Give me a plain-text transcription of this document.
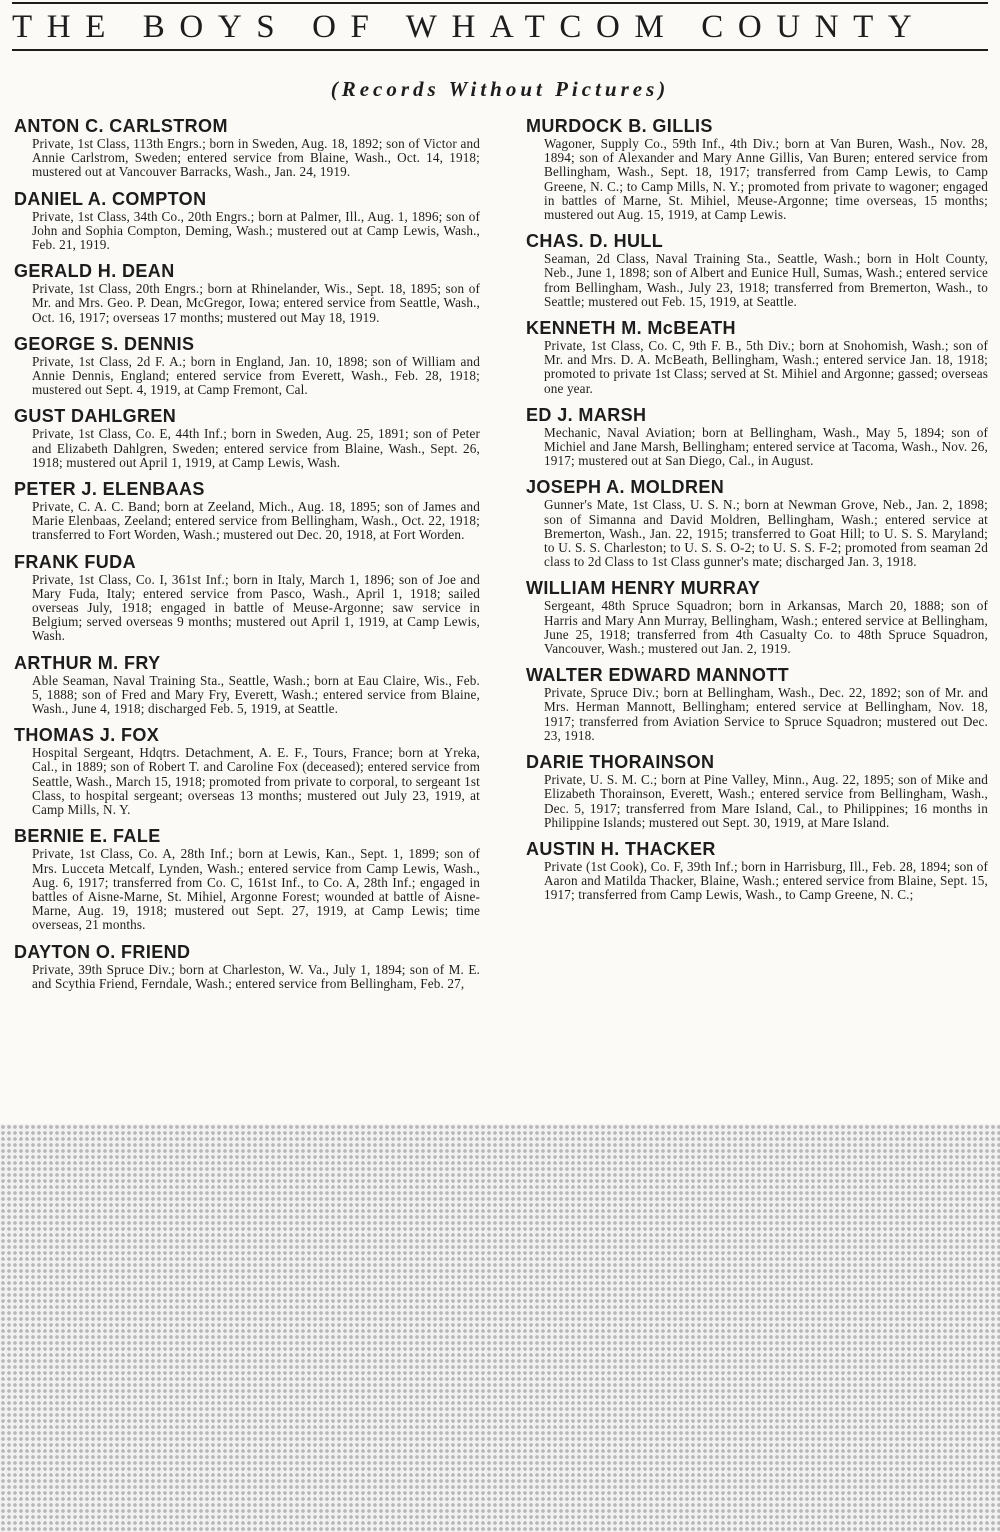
THE BOYS OF WHATCOM COUNTY
(Records Without Pictures)
ANTON C. CARLSTROM

Private, 1st Class, 113th Engrs.; born in Sweden, Aug. 18, 1892; son of Victor and Annie Carlstrom, Sweden; entered service from Blaine, Wash., Oct. 14, 1918; mustered out at Vancouver Barracks, Wash., Jan. 24, 1919.

DANIEL A. COMPTON

Private, 1st Class, 34th Co., 20th Engrs.; born at Palmer, Ill., Aug. 1, 1896; son of John and Sophia Compton, Deming, Wash.; mustered out at Camp Lewis, Wash., Feb. 21, 1919.

GERALD H. DEAN

Private, 1st Class, 20th Engrs.; born at Rhinelander, Wis., Sept. 18, 1895; son of Mr. and Mrs. Geo. P. Dean, McGregor, Iowa; entered service from Seattle, Wash., Oct. 16, 1917; overseas 17 months; mustered out May 18, 1919.

GEORGE S. DENNIS

Private, 1st Class, 2d F. A.; born in England, Jan. 10, 1898; son of William and Annie Dennis, England; entered service from Everett, Wash., Feb. 28, 1918; mustered out Sept. 4, 1919, at Camp Fremont, Cal.

GUST DAHLGREN

Private, 1st Class, Co. E, 44th Inf.; born in Sweden, Aug. 25, 1891; son of Peter and Elizabeth Dahlgren, Sweden; entered service from Blaine, Wash., Sept. 26, 1918; mustered out April 1, 1919, at Camp Lewis, Wash.

PETER J. ELENBAAS

Private, C. A. C. Band; born at Zeeland, Mich., Aug. 18, 1895; son of James and Marie Elenbaas, Zeeland; entered service from Bellingham, Wash., Oct. 22, 1918; transferred to Fort Worden, Wash.; mustered out Dec. 20, 1918, at Fort Worden.

FRANK FUDA

Private, 1st Class, Co. I, 361st Inf.; born in Italy, March 1, 1896; son of Joe and Mary Fuda, Italy; entered service from Pasco, Wash., April 1, 1918; sailed overseas July, 1918; engaged in battle of Meuse-Argonne; saw service in Belgium; served overseas 9 months; mustered out April 1, 1919, at Camp Lewis, Wash.

ARTHUR M. FRY

Able Seaman, Naval Training Sta., Seattle, Wash.; born at Eau Claire, Wis., Feb. 5, 1888; son of Fred and Mary Fry, Everett, Wash.; entered service from Blaine, Wash., June 4, 1918; discharged Feb. 5, 1919, at Seattle.

THOMAS J. FOX

Hospital Sergeant, Hdqtrs. Detachment, A. E. F., Tours, France; born at Yreka, Cal., in 1889; son of Robert T. and Caroline Fox (deceased); entered service from Seattle, Wash., March 15, 1918; promoted from private to corporal, to sergeant 1st Class, to hospital sergeant; overseas 13 months; mustered out July 23, 1919, at Camp Mills, N. Y.

BERNIE E. FALE

Private, 1st Class, Co. A, 28th Inf.; born at Lewis, Kan., Sept. 1, 1899; son of Mrs. Lucceta Metcalf, Lynden, Wash.; entered service from Camp Lewis, Wash., Aug. 6, 1917; transferred from Co. C, 161st Inf., to Co. A, 28th Inf.; engaged in battles of Aisne-Marne, St. Mihiel, Argonne Forest; wounded at battle of Aisne-Marne, Aug. 19, 1918; mustered out Sept. 27, 1919, at Camp Lewis; time overseas, 21 months.

DAYTON O. FRIEND

Private, 39th Spruce Div.; born at Charleston, W. Va., July 1, 1894; son of M. E. and Scythia Friend, Ferndale, Wash.; entered service from Bellingham, Feb. 27,

MURDOCK B. GILLIS

Wagoner, Supply Co., 59th Inf., 4th Div.; born at Van Buren, Wash., Nov. 28, 1894; son of Alexander and Mary Anne Gillis, Van Buren; entered service from Bellingham, Wash., Sept. 18, 1917; transferred from Camp Lewis, to Camp Greene, N. C.; to Camp Mills, N. Y.; promoted from private to wagoner; engaged in battles of Marne, St. Mihiel, Meuse-Argonne; time overseas, 15 months; mustered out Aug. 15, 1919, at Camp Lewis.

CHAS. D. HULL

Seaman, 2d Class, Naval Training Sta., Seattle, Wash.; born in Holt County, Neb., June 1, 1898; son of Albert and Eunice Hull, Sumas, Wash.; entered service from Bellingham, Wash., July 23, 1918; transferred from Bremerton, Wash., to Seattle; mustered out Feb. 15, 1919, at Seattle.

KENNETH M. McBEATH

Private, 1st Class, Co. C, 9th F. B., 5th Div.; born at Snohomish, Wash.; son of Mr. and Mrs. D. A. McBeath, Bellingham, Wash.; entered service Jan. 18, 1918; promoted to private 1st Class; served at St. Mihiel and Argonne; gassed; overseas one year.

ED J. MARSH

Mechanic, Naval Aviation; born at Bellingham, Wash., May 5, 1894; son of Michiel and Jane Marsh, Bellingham; entered service at Tacoma, Wash., Nov. 26, 1917; mustered out at San Diego, Cal., in August.

JOSEPH A. MOLDREN

Gunner's Mate, 1st Class, U. S. N.; born at Newman Grove, Neb., Jan. 2, 1898; son of Simanna and David Moldren, Bellingham, Wash.; entered service at Bremerton, Wash., Jan. 22, 1915; transferred to Goat Hill; to U. S. S. Maryland; to U. S. S. Charleston; to U. S. S. O-2; to U. S. S. F-2; promoted from seaman 2d class to 2d Class to 1st Class gunner's mate; discharged Jan. 3, 1918.

WILLIAM HENRY MURRAY

Sergeant, 48th Spruce Squadron; born in Arkansas, March 20, 1888; son of Harris and Mary Ann Murray, Bellingham, Wash.; entered service at Bellingham, June 25, 1918; transferred from 4th Casualty Co. to 48th Spruce Squadron, Vancouver, Wash.; mustered out Jan. 2, 1919.

WALTER EDWARD MANNOTT

Private, Spruce Div.; born at Bellingham, Wash., Dec. 22, 1892; son of Mr. and Mrs. Herman Mannott, Bellingham; entered service at Bellingham, Nov. 18, 1917; transferred from Aviation Service to Spruce Squadron; mustered out Dec. 23, 1918.

DARIE THORAINSON

Private, U. S. M. C.; born at Pine Valley, Minn., Aug. 22, 1895; son of Mike and Elizabeth Thorainson, Everett, Wash.; entered service from Bellingham, Wash., Dec. 5, 1917; transferred from Mare Island, Cal., to Philippines; 16 months in Philippine Islands; mustered out Sept. 30, 1919, at Mare Island.

AUSTIN H. THACKER

Private (1st Cook), Co. F, 39th Inf.; born in Harrisburg, Ill., Feb. 28, 1894; son of Aaron and Matilda Thacker, Blaine, Wash.; entered service from Blaine, Sept. 15, 1917; transferred from Camp Lewis, Wash., to Camp Greene, N. C.;
